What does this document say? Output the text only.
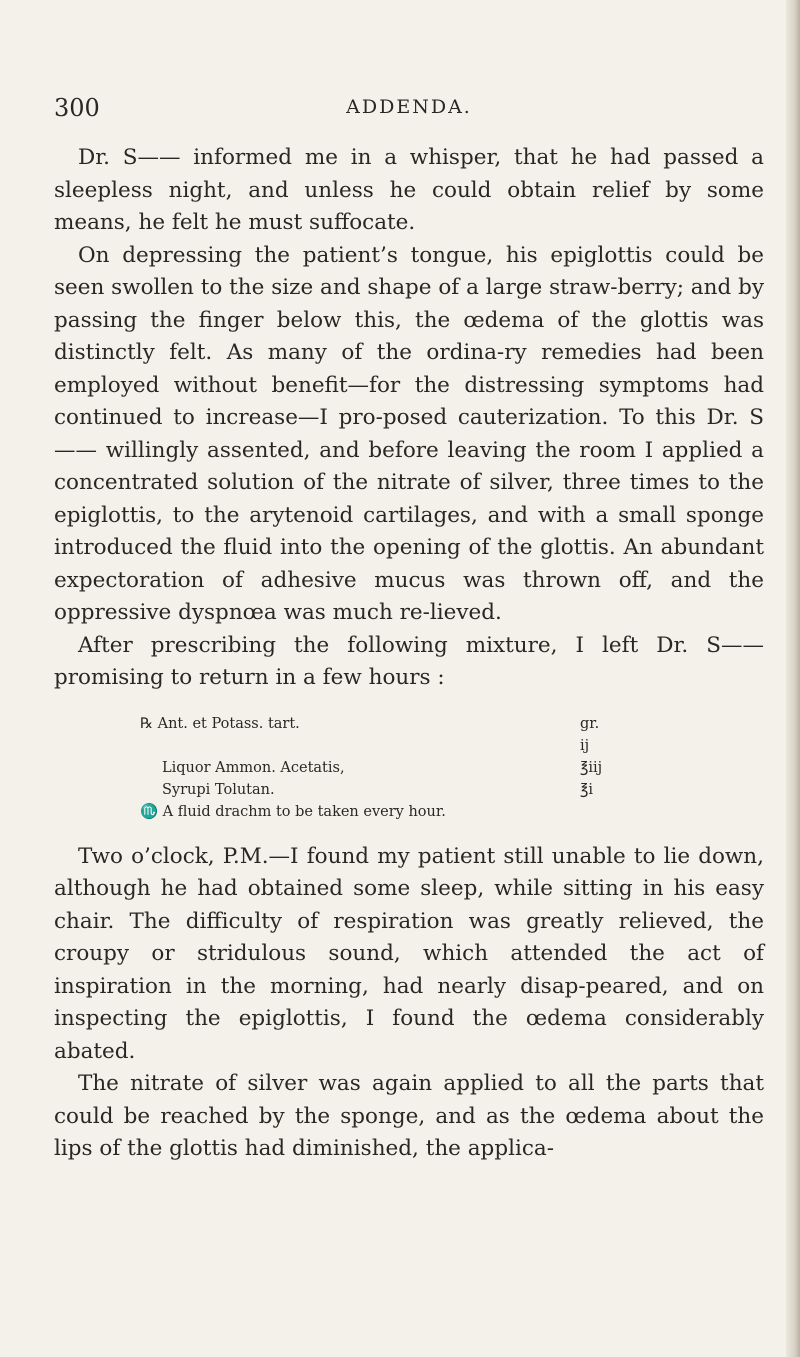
300	ADDENDA.

Dr. S—— informed me in a whisper, that he had passed a sleepless night, and unless he could obtain relief by some means, he felt he must suffocate.

On depressing the patient’s tongue, his epiglottis could be seen swollen to the size and shape of a large straw-berry; and by passing the finger below this, the œdema of the glottis was distinctly felt. As many of the ordina-ry remedies had been employed without benefit—for the distressing symptoms had continued to increase—I pro-posed cauterization. To this Dr. S—— willingly assented, and before leaving the room I applied a concentrated solution of the nitrate of silver, three times to the epiglottis, to the arytenoid cartilages, and with a small sponge introduced the fluid into the opening of the glottis. An abundant expectoration of adhesive mucus was thrown off, and the oppressive dyspnœa was much re-lieved.

After prescribing the following mixture, I left Dr. S—— promising to return in a few hours :

℞ Ant. et Potass. tart.	gr. ij
Liquor Ammon. Acetatis,	℥iij
Syrupi Tolutan.	℥i
♏ A fluid drachm to be taken every hour.

Two o’clock, P.M.—I found my patient still unable to lie down, although he had obtained some sleep, while sitting in his easy chair. The difficulty of respiration was greatly relieved, the croupy or stridulous sound, which attended the act of inspiration in the morning, had nearly disap-peared, and on inspecting the epiglottis, I found the œdema considerably abated.

The nitrate of silver was again applied to all the parts that could be reached by the sponge, and as the œdema about the lips of the glottis had diminished, the applica-
